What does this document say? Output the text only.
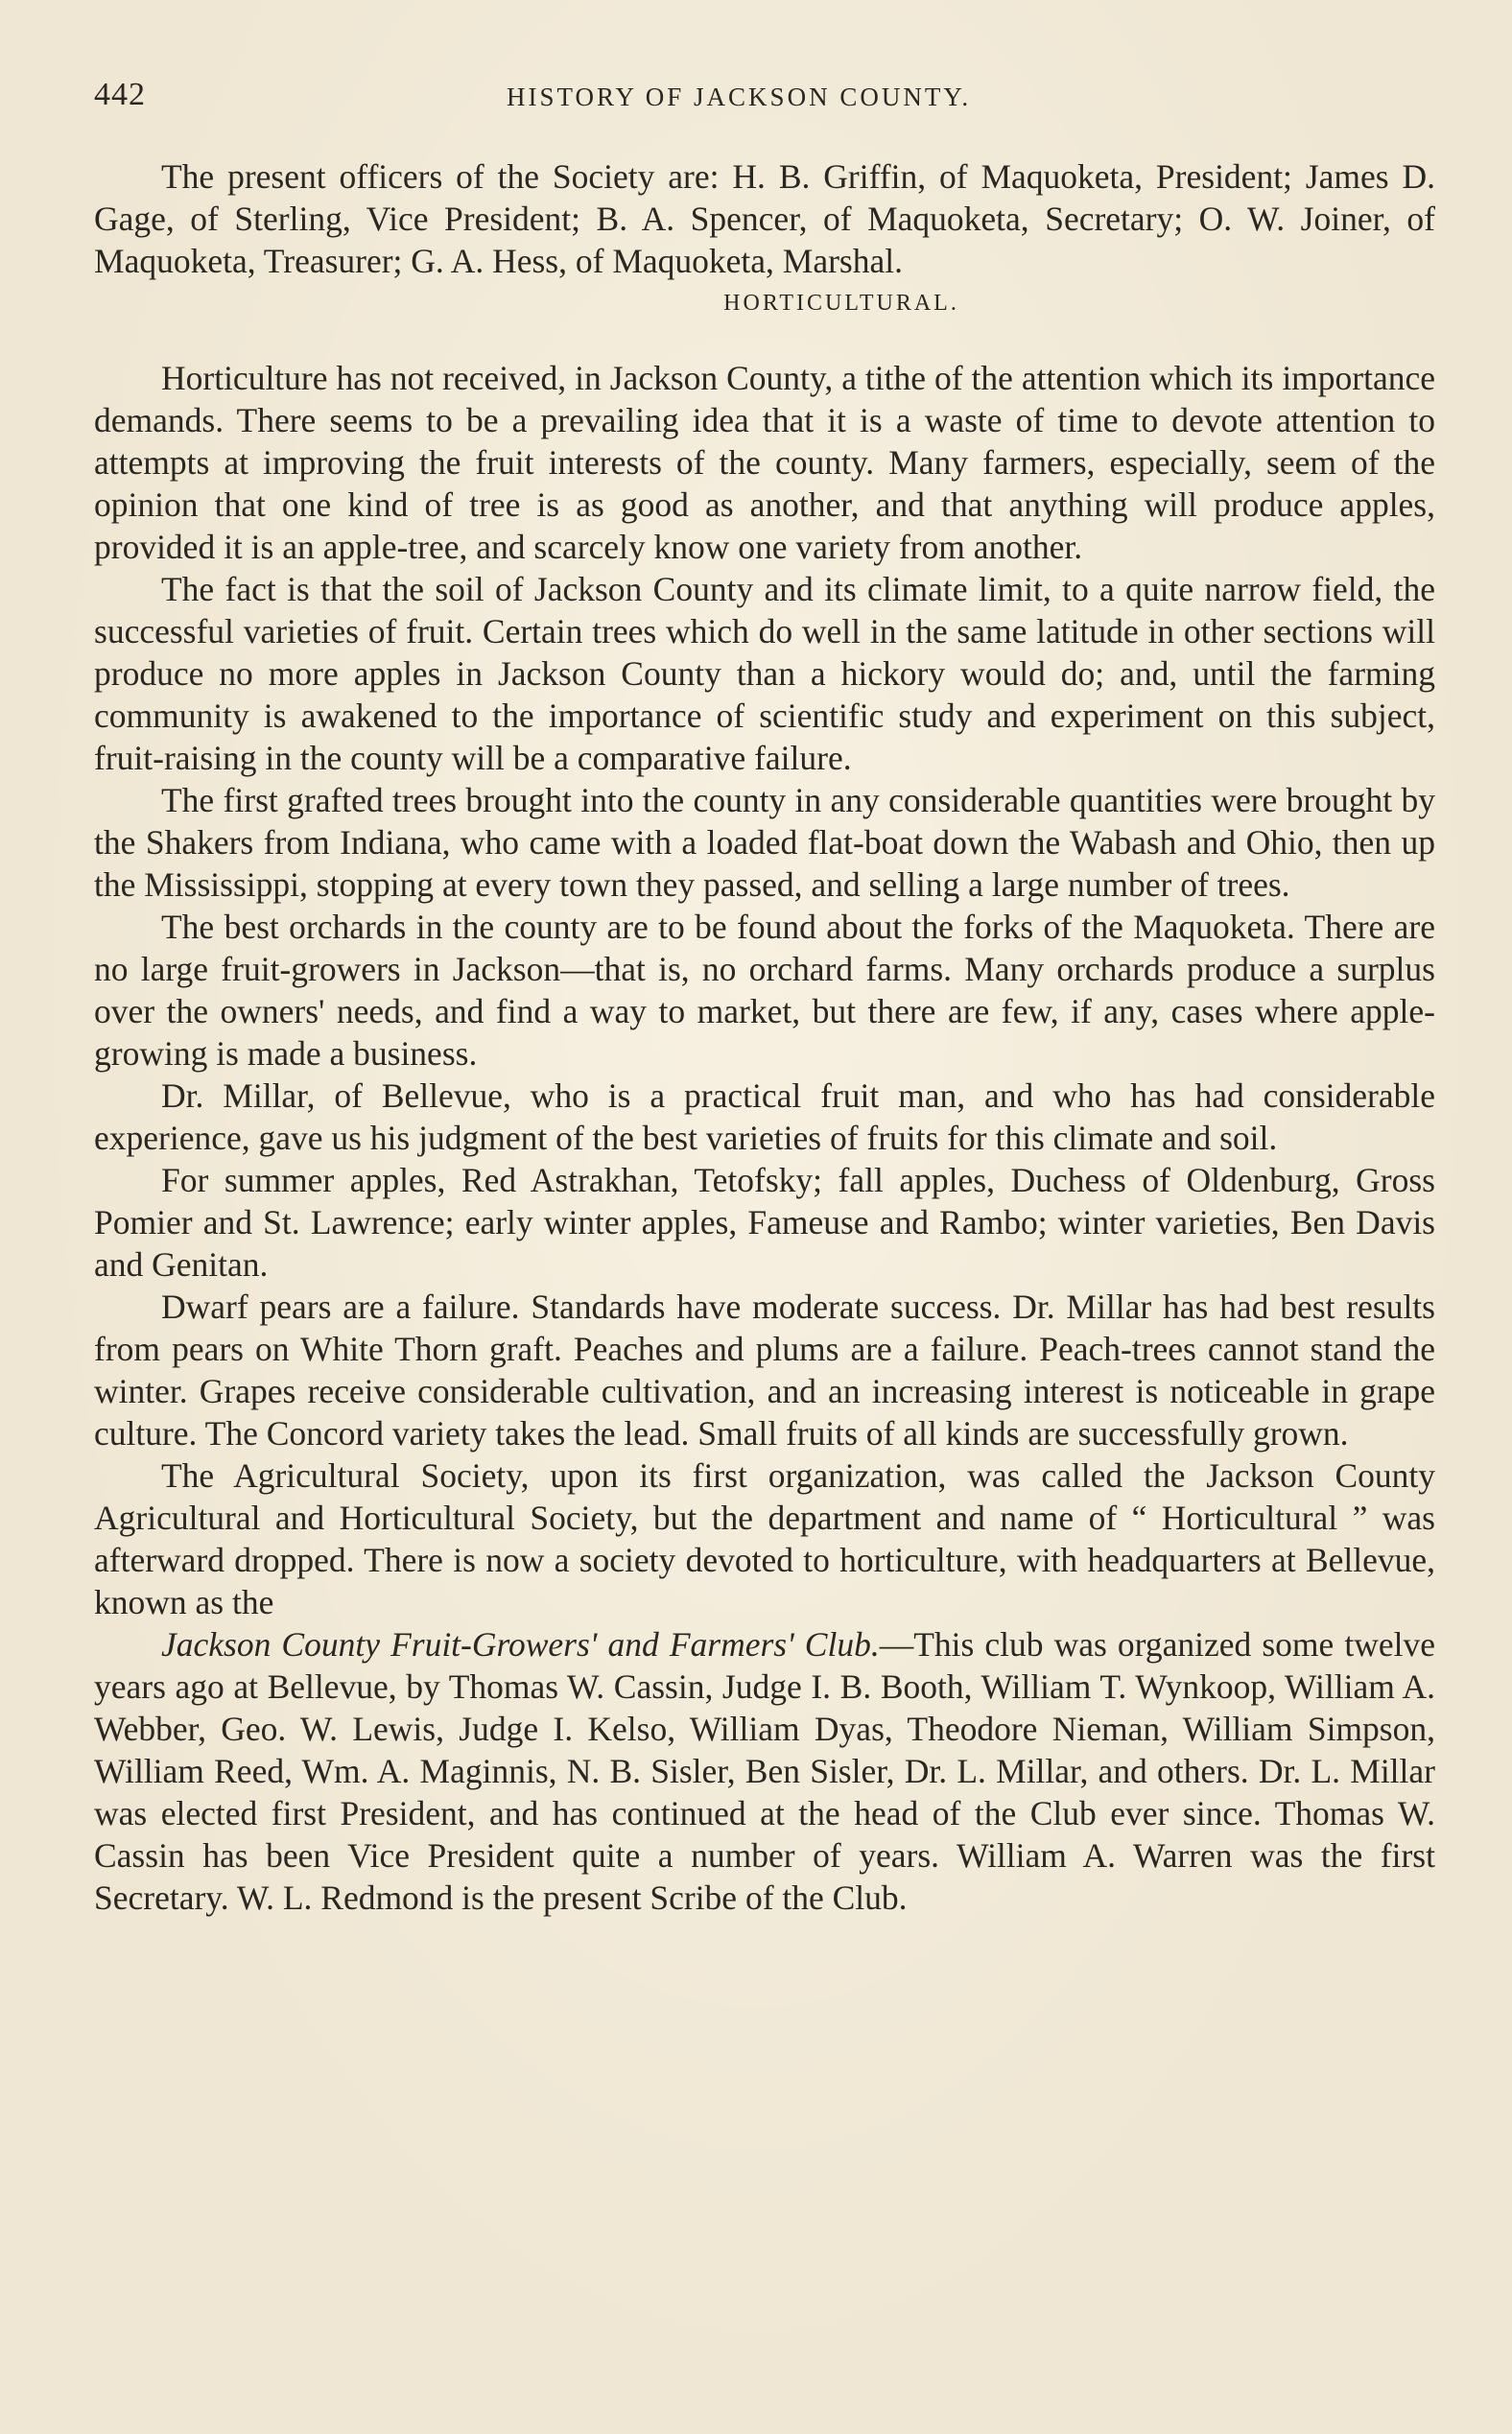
442	HISTORY OF JACKSON COUNTY.

The present officers of the Society are: H. B. Griffin, of Maquoketa, President; James D. Gage, of Sterling, Vice President; B. A. Spencer, of Maquoketa, Secretary; O. W. Joiner, of Maquoketa, Treasurer; G. A. Hess, of Maquoketa, Marshal.

HORTICULTURAL.

Horticulture has not received, in Jackson County, a tithe of the attention which its importance demands. There seems to be a prevailing idea that it is a waste of time to devote attention to attempts at improving the fruit interests of the county. Many farmers, especially, seem of the opinion that one kind of tree is as good as another, and that anything will produce apples, provided it is an apple-tree, and scarcely know one variety from another.

The fact is that the soil of Jackson County and its climate limit, to a quite narrow field, the successful varieties of fruit. Certain trees which do well in the same latitude in other sections will produce no more apples in Jackson County than a hickory would do; and, until the farming community is awakened to the importance of scientific study and experiment on this subject, fruit-raising in the county will be a comparative failure.

The first grafted trees brought into the county in any considerable quantities were brought by the Shakers from Indiana, who came with a loaded flat-boat down the Wabash and Ohio, then up the Mississippi, stopping at every town they passed, and selling a large number of trees.

The best orchards in the county are to be found about the forks of the Maquoketa. There are no large fruit-growers in Jackson—that is, no orchard farms. Many orchards produce a surplus over the owners' needs, and find a way to market, but there are few, if any, cases where apple-growing is made a business.

Dr. Millar, of Bellevue, who is a practical fruit man, and who has had considerable experience, gave us his judgment of the best varieties of fruits for this climate and soil.

For summer apples, Red Astrakhan, Tetofsky; fall apples, Duchess of Oldenburg, Gross Pomier and St. Lawrence; early winter apples, Fameuse and Rambo; winter varieties, Ben Davis and Genitan.

Dwarf pears are a failure. Standards have moderate success. Dr. Millar has had best results from pears on White Thorn graft. Peaches and plums are a failure. Peach-trees cannot stand the winter. Grapes receive considerable cultivation, and an increasing interest is noticeable in grape culture. The Concord variety takes the lead. Small fruits of all kinds are successfully grown.

The Agricultural Society, upon its first organization, was called the Jackson County Agricultural and Horticultural Society, but the department and name of “ Horticultural ” was afterward dropped. There is now a society devoted to horticulture, with headquarters at Bellevue, known as the

Jackson County Fruit-Growers' and Farmers' Club.—This club was organized some twelve years ago at Bellevue, by Thomas W. Cassin, Judge I. B. Booth, William T. Wynkoop, William A. Webber, Geo. W. Lewis, Judge I. Kelso, William Dyas, Theodore Nieman, William Simpson, William Reed, Wm. A. Maginnis, N. B. Sisler, Ben Sisler, Dr. L. Millar, and others. Dr. L. Millar was elected first President, and has continued at the head of the Club ever since. Thomas W. Cassin has been Vice President quite a number of years. William A. Warren was the first Secretary. W. L. Redmond is the present Scribe of the Club.
